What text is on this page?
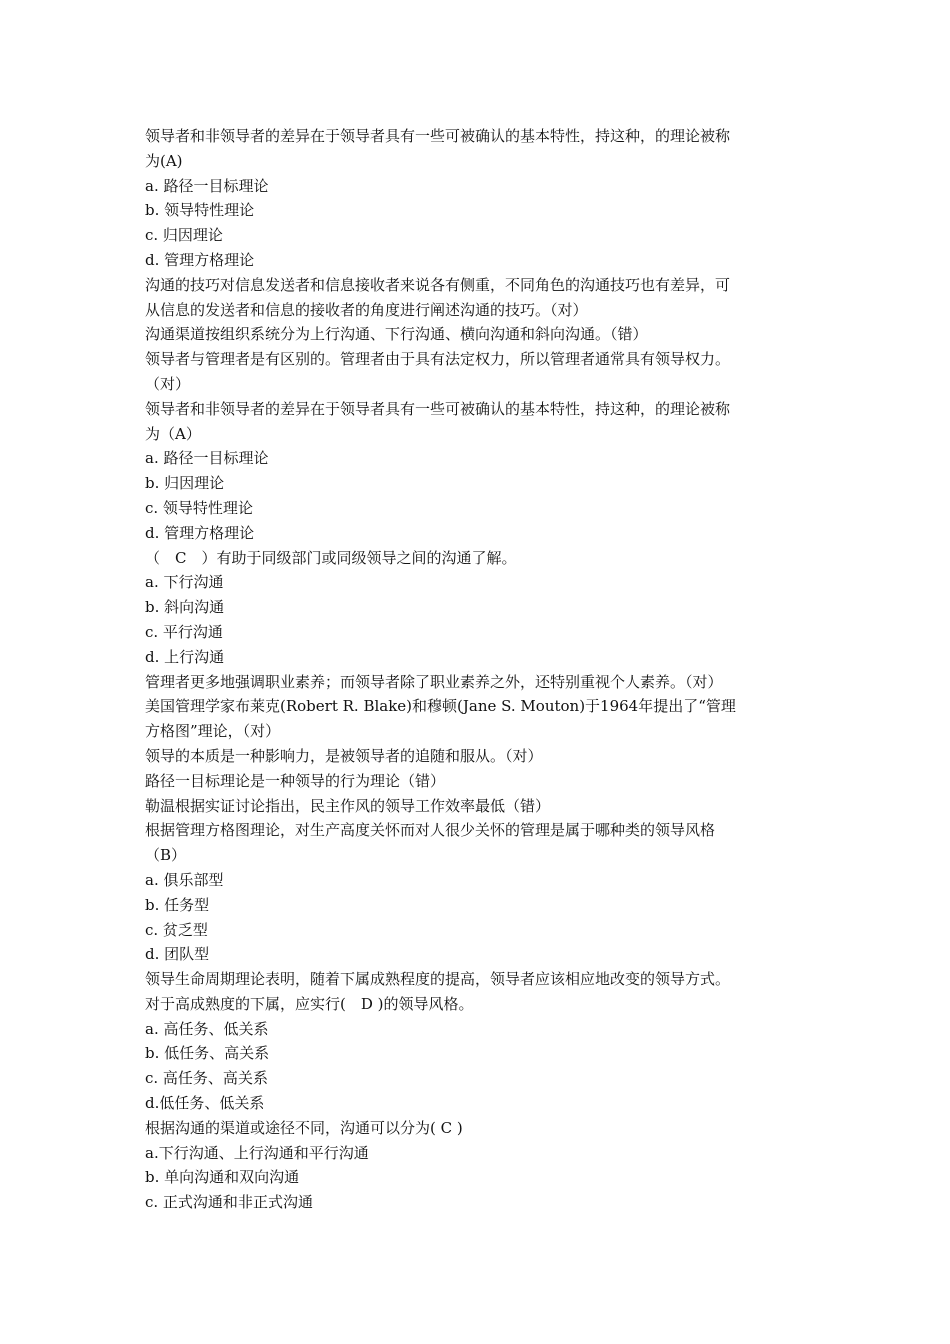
领导者和非领导者的差异在于领导者具有一些可被确认的基本特性，持这种，的理论被称
为(A)
a. 路径一目标理论
b. 领导特性理论
c. 归因理论
d. 管理方格理论
沟通的技巧对信息发送者和信息接收者来说各有侧重，不同角色的沟通技巧也有差异，可
从信息的发送者和信息的接收者的角度进行阐述沟通的技巧。（对）
沟通渠道按组织系统分为上行沟通、下行沟通、横向沟通和斜向沟通。（错）
领导者与管理者是有区别的。管理者由于具有法定权力，所以管理者通常具有领导权力。
（对）
领导者和非领导者的差异在于领导者具有一些可被确认的基本特性，持这种，的理论被称
为（A）
a. 路径一目标理论
b. 归因理论
c. 领导特性理论
d. 管理方格理论
（　C　）有助于同级部门或同级领导之间的沟通了解。
a. 下行沟通
b. 斜向沟通
c. 平行沟通
d. 上行沟通
管理者更多地强调职业素养；而领导者除了职业素养之外，还特别重视个人素养。（对）
美国管理学家布莱克(Robert R. Blake)和穆顿(Jane S. Mouton)于1964年提出了“管理
方格图”理论，（对）
领导的本质是一种影响力，是被领导者的追随和服从。（对）
路径一目标理论是一种领导的行为理论（错）
勒温根据实证讨论指出，民主作风的领导工作效率最低（错）
根据管理方格图理论，对生产高度关怀而对人很少关怀的管理是属于哪种类的领导风格
（B）
a. 俱乐部型
b. 任务型
c. 贫乏型
d. 团队型
领导生命周期理论表明，随着下属成熟程度的提高，领导者应该相应地改变的领导方式。
对于高成熟度的下属，应实行(　D )的领导风格。
a. 高任务、低关系
b. 低任务、高关系
c. 高任务、高关系
d.低任务、低关系
根据沟通的渠道或途径不同，沟通可以分为( C )
a.下行沟通、上行沟通和平行沟通
b. 单向沟通和双向沟通
c. 正式沟通和非正式沟通
